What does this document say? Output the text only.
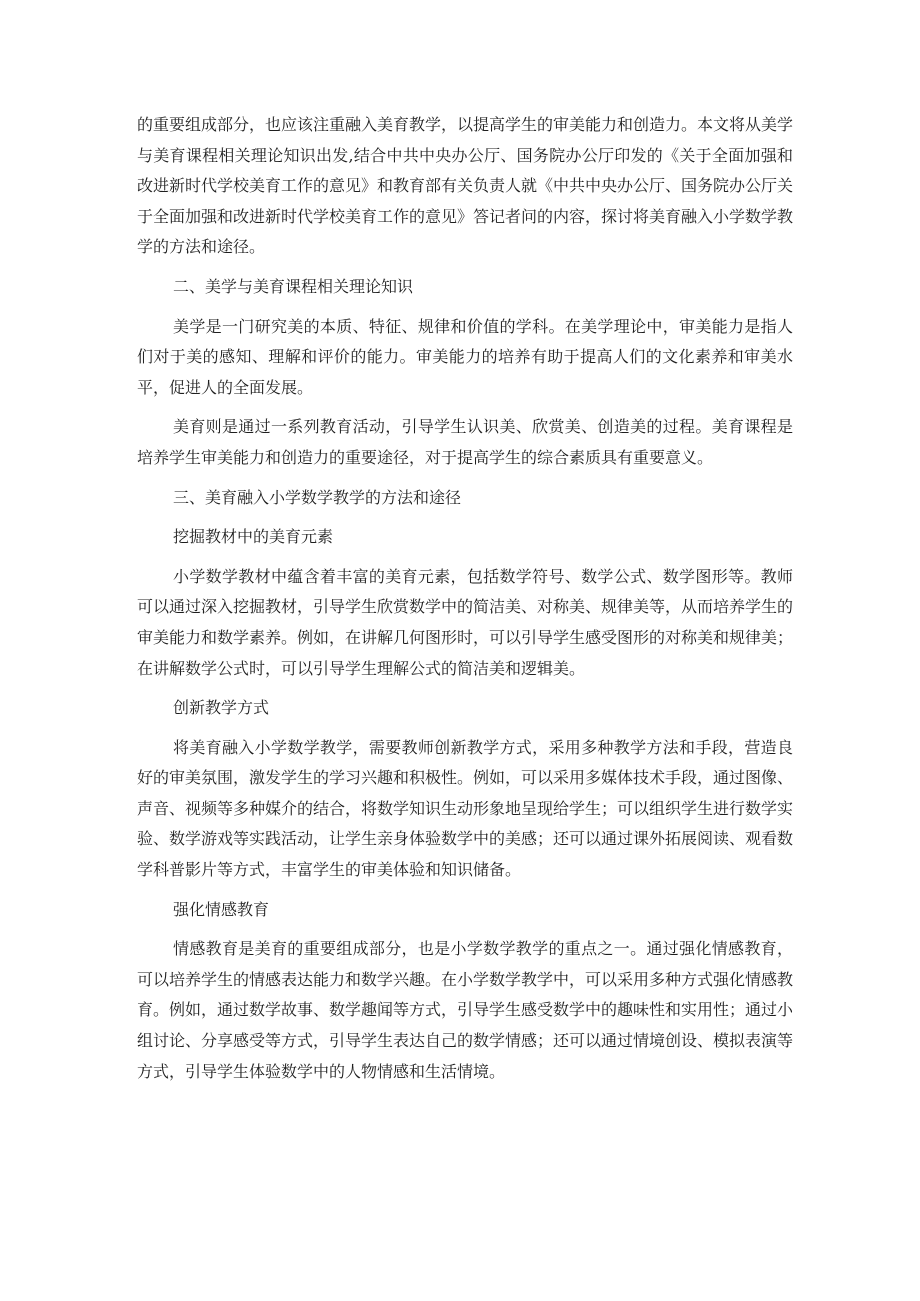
的重要组成部分，也应该注重融入美育教学，以提高学生的审美能力和创造力。本文将从美学与美育课程相关理论知识出发,结合中共中央办公厅、国务院办公厅印发的《关于全面加强和改进新时代学校美育工作的意见》和教育部有关负责人就《中共中央办公厅、国务院办公厅关于全面加强和改进新时代学校美育工作的意见》答记者问的内容，探讨将美育融入小学数学教学的方法和途径。

二、美学与美育课程相关理论知识

美学是一门研究美的本质、特征、规律和价值的学科。在美学理论中，审美能力是指人们对于美的感知、理解和评价的能力。审美能力的培养有助于提高人们的文化素养和审美水平，促进人的全面发展。

美育则是通过一系列教育活动，引导学生认识美、欣赏美、创造美的过程。美育课程是培养学生审美能力和创造力的重要途径，对于提高学生的综合素质具有重要意义。

三、美育融入小学数学教学的方法和途径

挖掘教材中的美育元素

小学数学教材中蕴含着丰富的美育元素，包括数学符号、数学公式、数学图形等。教师可以通过深入挖掘教材，引导学生欣赏数学中的简洁美、对称美、规律美等，从而培养学生的审美能力和数学素养。例如，在讲解几何图形时，可以引导学生感受图形的对称美和规律美；在讲解数学公式时，可以引导学生理解公式的简洁美和逻辑美。

创新教学方式

将美育融入小学数学教学，需要教师创新教学方式，采用多种教学方法和手段，营造良好的审美氛围，激发学生的学习兴趣和积极性。例如，可以采用多媒体技术手段，通过图像、声音、视频等多种媒介的结合，将数学知识生动形象地呈现给学生；可以组织学生进行数学实验、数学游戏等实践活动，让学生亲身体验数学中的美感；还可以通过课外拓展阅读、观看数学科普影片等方式，丰富学生的审美体验和知识储备。

强化情感教育

情感教育是美育的重要组成部分，也是小学数学教学的重点之一。通过强化情感教育，可以培养学生的情感表达能力和数学兴趣。在小学数学教学中，可以采用多种方式强化情感教育。例如，通过数学故事、数学趣闻等方式，引导学生感受数学中的趣味性和实用性；通过小组讨论、分享感受等方式，引导学生表达自己的数学情感；还可以通过情境创设、模拟表演等方式，引导学生体验数学中的人物情感和生活情境。
